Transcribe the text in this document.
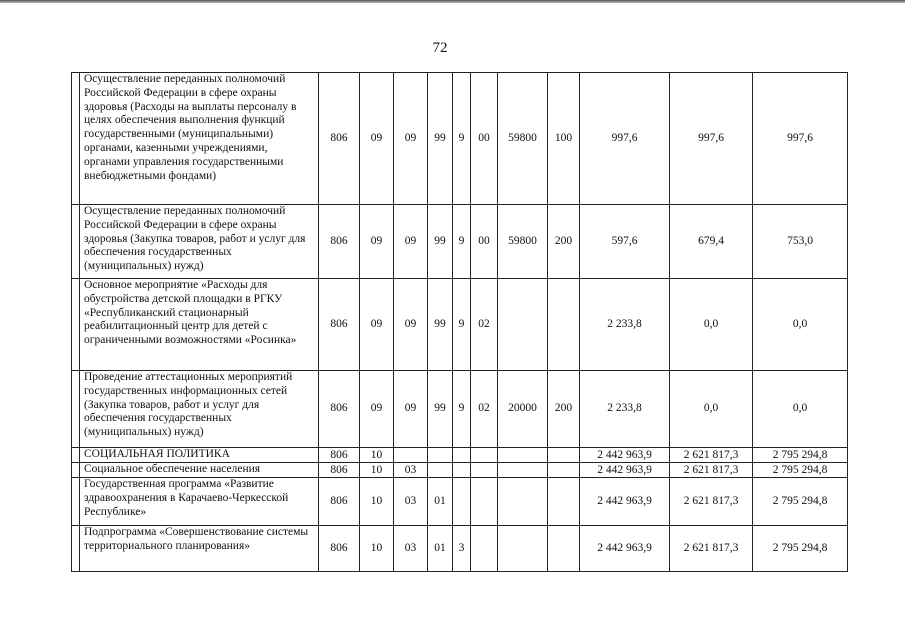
72
	Осуществление переданных полномочий Российской Федерации в сфере охраны здоровья (Расходы на выплаты персоналу в целях обеспечения выполнения функций государственными (муниципальными) органами, казенными учреждениями, органами управления государственными внебюджетными фондами)	806	09	09	99	9	00	59800	100	997,6	997,6	997,6
	Осуществление переданных полномочий Российской Федерации в сфере охраны здоровья (Закупка товаров, работ и услуг для обеспечения государственных (муниципальных) нужд)	806	09	09	99	9	00	59800	200	597,6	679,4	753,0
	Основное мероприятие «Расходы для обустройства детской площадки в РГКУ «Республиканский стационарный реабилитационный центр для детей с ограниченными возможностями «Росинка»	806	09	09	99	9	02			2 233,8	0,0	0,0
	Проведение аттестационных мероприятий государственных информационных сетей (Закупка товаров, работ и услуг для обеспечения государственных (муниципальных) нужд)	806	09	09	99	9	02	20000	200	2 233,8	0,0	0,0
	СОЦИАЛЬНАЯ ПОЛИТИКА	806	10							2 442 963,9	2 621 817,3	2 795 294,8
	Социальное обеспечение населения	806	10	03						2 442 963,9	2 621 817,3	2 795 294,8
	Государственная программа «Развитие здравоохранения в Карачаево-Черкесской Республике»	806	10	03	01					2 442 963,9	2 621 817,3	2 795 294,8
	Подпрограмма «Совершенствование системы территориального планирования»	806	10	03	01	3				2 442 963,9	2 621 817,3	2 795 294,8
